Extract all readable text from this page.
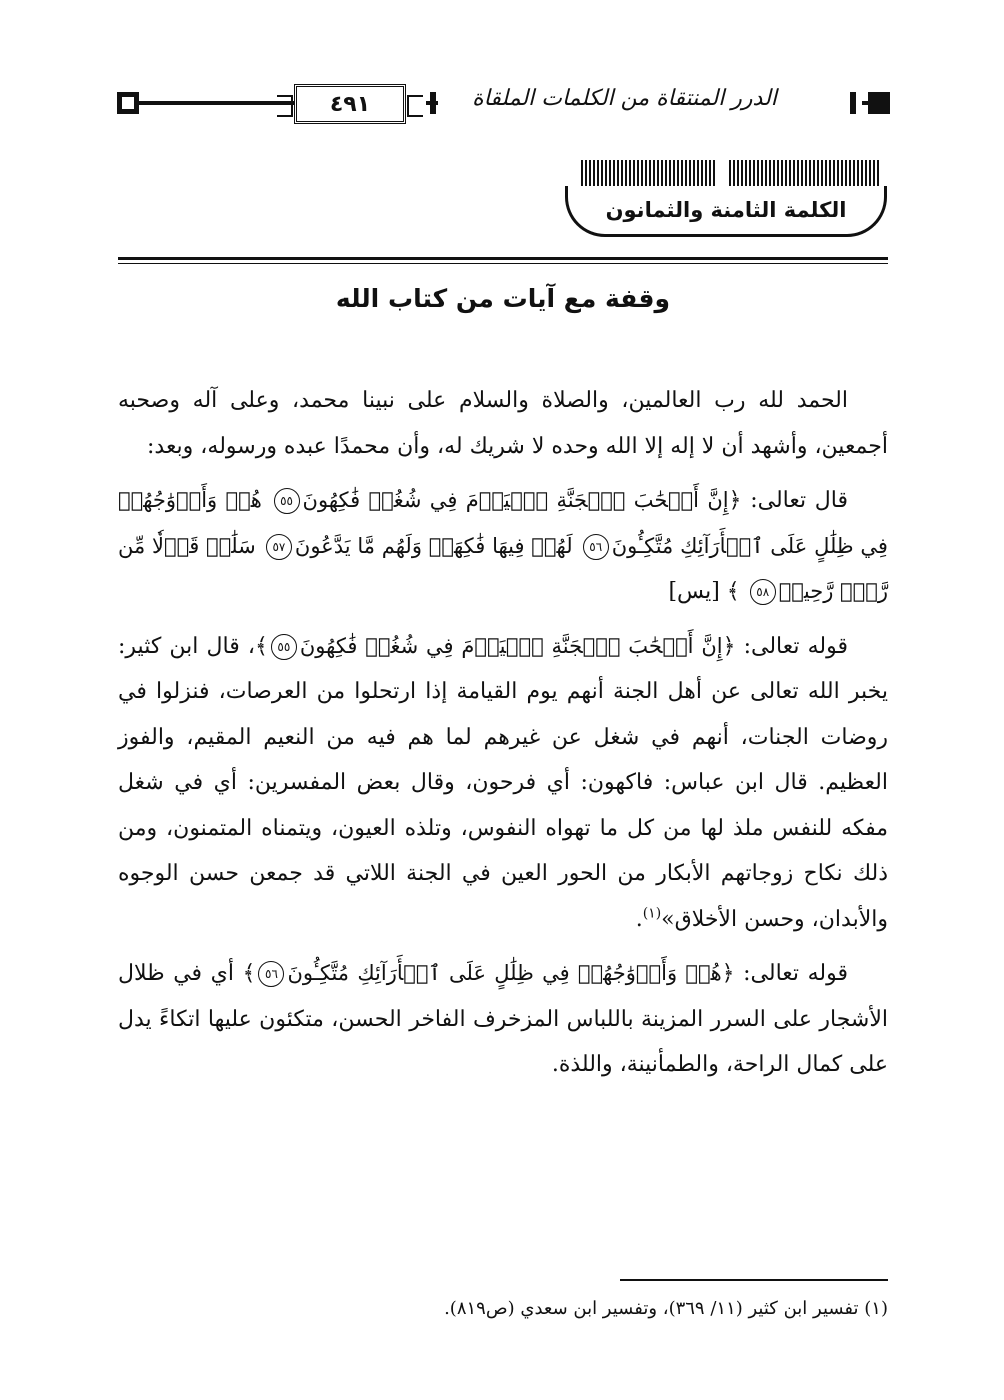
٤٩١	الدرر المنتقاة من الكلمات الملقاة
الكلمة الثامنة والثمانون
وقفة مع آيات من كتاب الله

الحمد لله رب العالمين، والصلاة والسلام على نبينا محمد، وعلى آله وصحبه أجمعين، وأشهد أن لا إله إلا الله وحده لا شريك له، وأن محمدًا عبده ورسوله، وبعد:

قال تعالى: ﴿إِنَّ أَصۡحَٰبَ ٱلۡجَنَّةِ ٱلۡيَوۡمَ فِي شُغُلٖ فَٰكِهُونَ٥٥ هُمۡ وَأَزۡوَٰجُهُمۡ فِي ظِلَٰلٍ عَلَى ٱلۡأَرَآئِكِ مُتَّكِـُٔونَ٥٦ لَهُمۡ فِيهَا فَٰكِهَةٞ وَلَهُم مَّا يَدَّعُونَ٥٧ سَلَٰمٞ قَوۡلٗا مِّن رَّبّٖ رَّحِيمٖ٥٨ ﴾ [يس]

قوله تعالى: ﴿إِنَّ أَصۡحَٰبَ ٱلۡجَنَّةِ ٱلۡيَوۡمَ فِي شُغُلٖ فَٰكِهُونَ٥٥﴾، قال ابن كثير: يخبر الله تعالى عن أهل الجنة أنهم يوم القيامة إذا ارتحلوا من العرصات، فنزلوا في روضات الجنات، أنهم في شغل عن غيرهم لما هم فيه من النعيم المقيم، والفوز العظيم. قال ابن عباس: فاكهون: أي فرحون، وقال بعض المفسرين: أي في شغل مفكه للنفس ملذ لها من كل ما تهواه النفوس، وتلذه العيون، ويتمناه المتمنون، ومن ذلك نكاح زوجاتهم الأبكار من الحور العين في الجنة اللاتي قد جمعن حسن الوجوه والأبدان، وحسن الأخلاق»$^{(١)}$.

قوله تعالى: ﴿هُمۡ وَأَزۡوَٰجُهُمۡ فِي ظِلَٰلٍ عَلَى ٱلۡأَرَآئِكِ مُتَّكِـُٔونَ٥٦﴾ أي في ظلال الأشجار على السرر المزينة باللباس المزخرف الفاخر الحسن، متكئون عليها اتكاءً يدل على كمال الراحة، والطمأنينة، واللذة.

(١) تفسير ابن كثير (١١/ ٣٦٩)، وتفسير ابن سعدي (ص٨١٩).
